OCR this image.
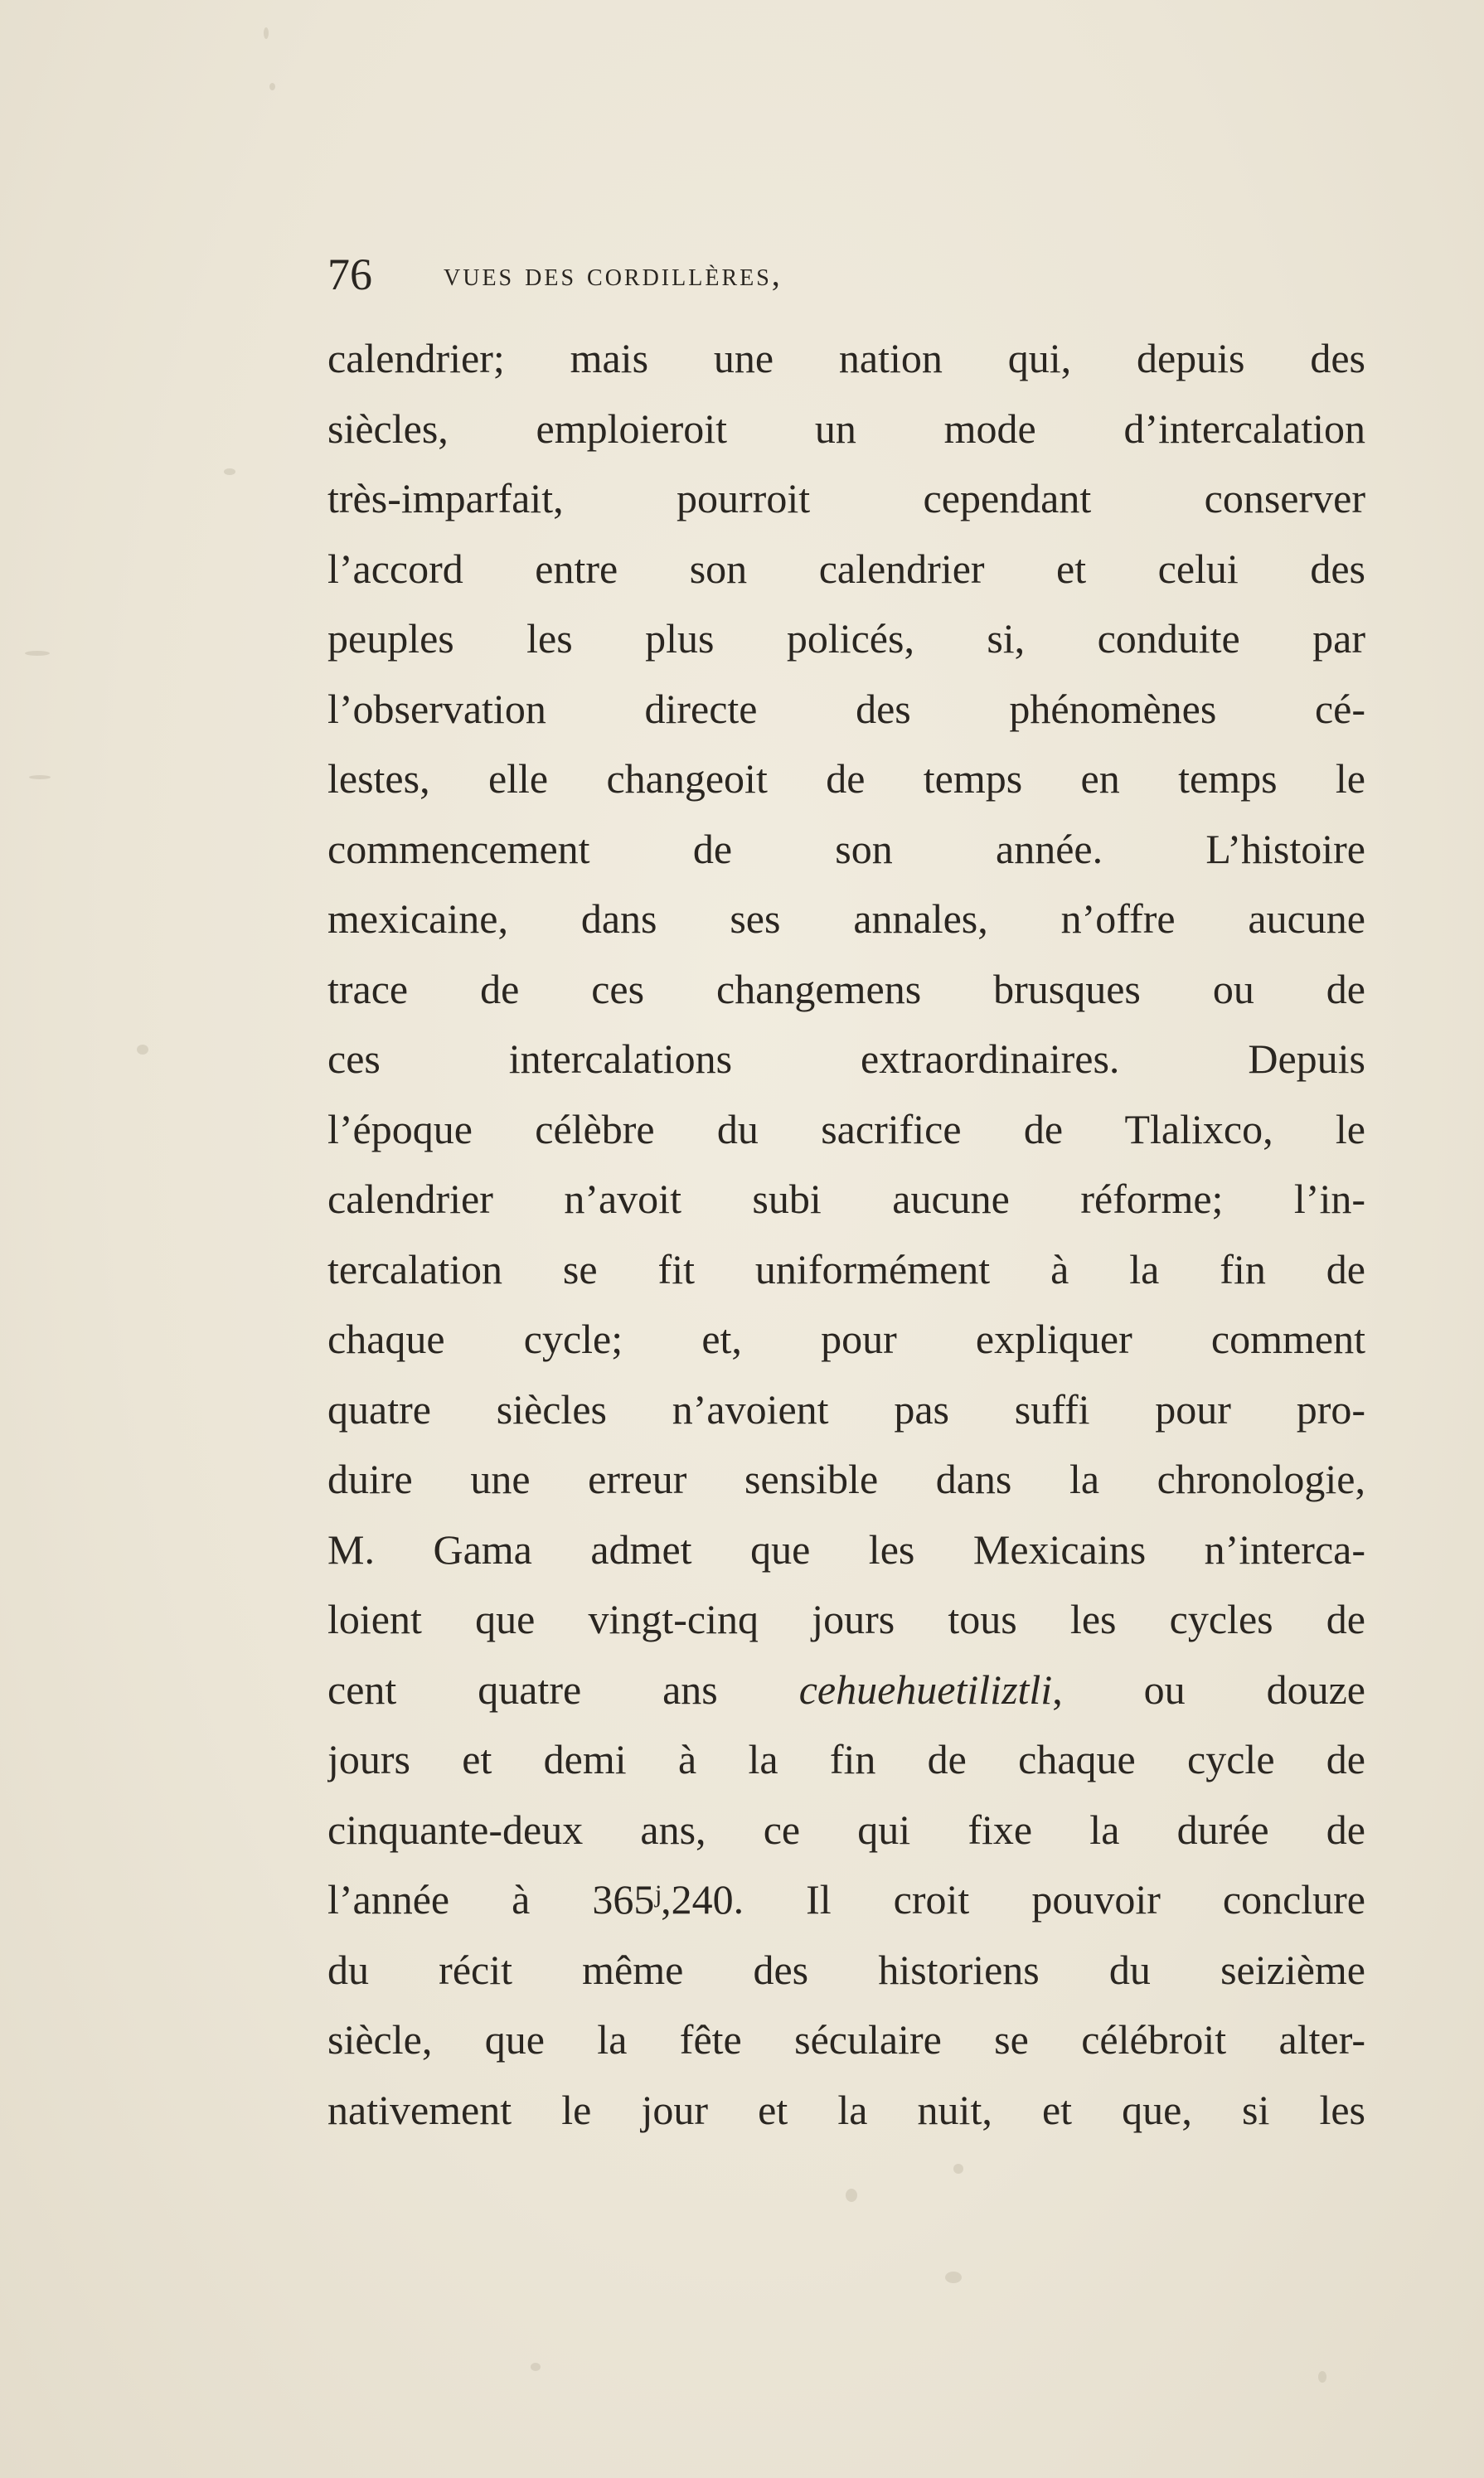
76 vues des cordillères,
calendrier; mais une nation qui, depuis des
siècles, emploieroit un mode d’intercalation
très-imparfait, pourroit cependant conserver
l’accord entre son calendrier et celui des
peuples les plus policés, si, conduite par
l’observation directe des phénomènes cé-
lestes, elle changeoit de temps en temps le
commencement de son année. L’histoire
mexicaine, dans ses annales, n’offre aucune
trace de ces changemens brusques ou de
ces intercalations extraordinaires. Depuis
l’époque célèbre du sacrifice de Tlalixco, le
calendrier n’avoit subi aucune réforme; l’in-
tercalation se fit uniformément à la fin de
chaque cycle; et, pour expliquer comment
quatre siècles n’avoient pas suffi pour pro-
duire une erreur sensible dans la chronologie,
M. Gama admet que les Mexicains n’interca-
loient que vingt-cinq jours tous les cycles de
cent quatre ans cehuehuetiliztli, ou douze
jours et demi à la fin de chaque cycle de
cinquante-deux ans, ce qui fixe la durée de
l’année à 365ʲ,240. Il croit pouvoir conclure
du récit même des historiens du seizième
siècle, que la fête séculaire se célébroit alter-
nativement le jour et la nuit, et que, si les
